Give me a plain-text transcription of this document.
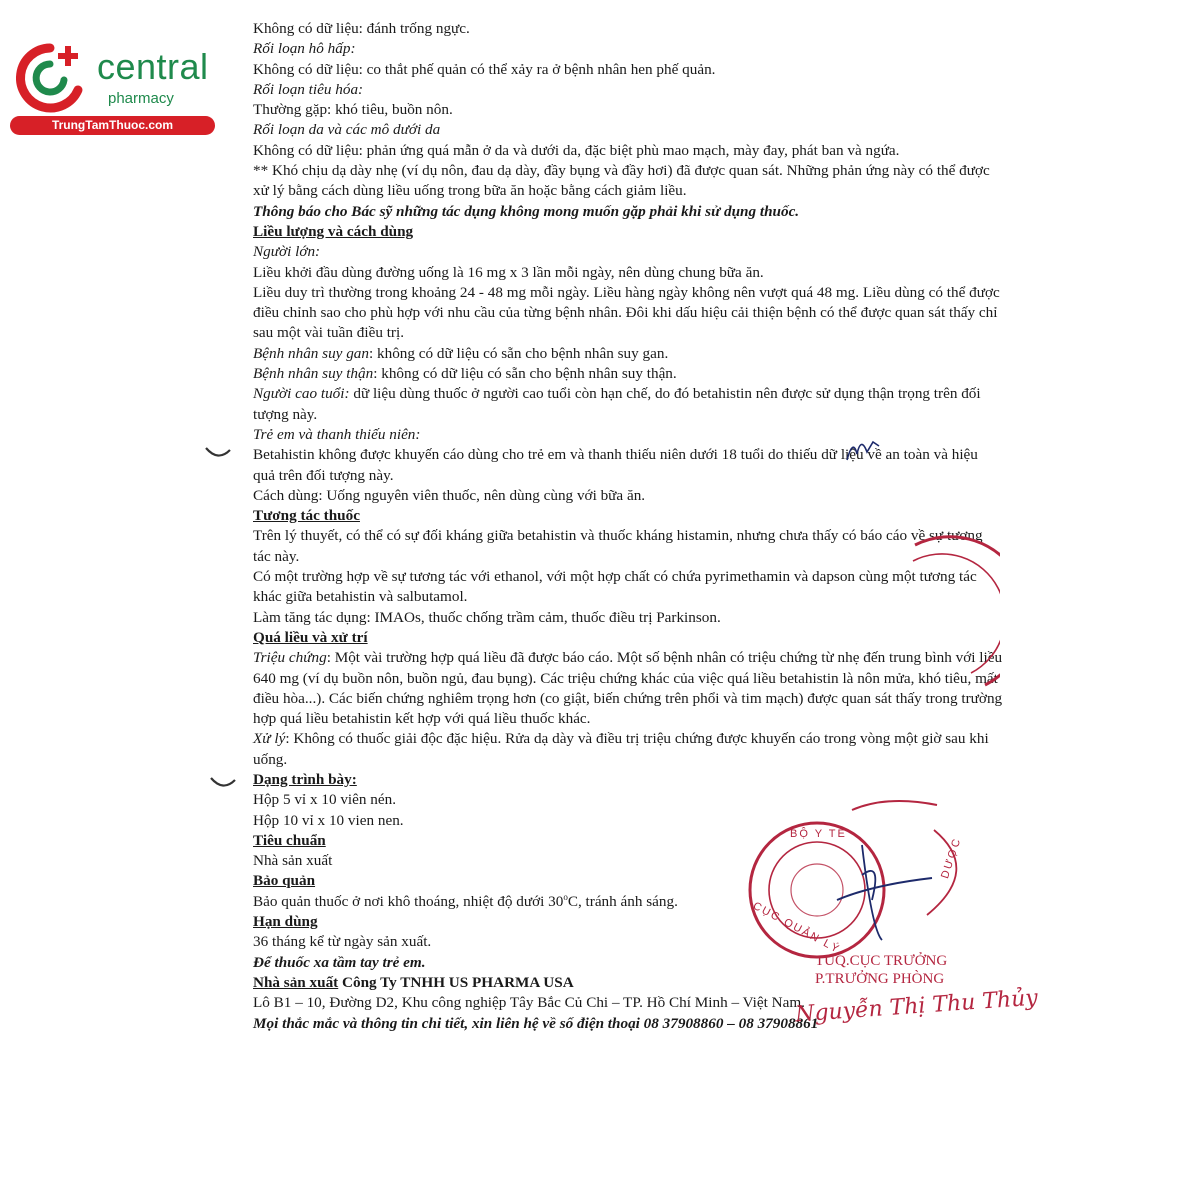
central
pharmacy
TrungTamThuoc.com

Không có dữ liệu: đánh trống ngực.

Rối loạn hô hấp:

Không có dữ liệu: co thắt phế quản có thể xảy ra ở bệnh nhân hen phế quản.

Rối loạn tiêu hóa:

Thường gặp: khó tiêu, buồn nôn.

Rối loạn da và các mô dưới da

Không có dữ liệu: phản ứng quá mẫn ở da và dưới da, đặc biệt phù mao mạch, mày đay, phát ban và ngứa.

** Khó chịu dạ dày nhẹ (ví dụ nôn, đau dạ dày, đầy bụng và đầy hơi) đã được quan sát. Những phản ứng này có thể được xử lý bằng cách dùng liều uống trong bữa ăn hoặc bằng cách giảm liều.

Thông báo cho Bác sỹ những tác dụng không mong muốn gặp phải khi sử dụng thuốc.

Liều lượng và cách dùng

Người lớn:

Liều khởi đầu dùng đường uống là 16 mg x 3 lần mỗi ngày, nên dùng chung bữa ăn.

Liều duy trì thường trong khoảng 24 - 48 mg mỗi ngày. Liều hàng ngày không nên vượt quá 48 mg. Liều dùng có thể được điều chỉnh sao cho phù hợp với nhu cầu của từng bệnh nhân. Đôi khi dấu hiệu cải thiện bệnh có thể được quan sát thấy chỉ sau một vài tuần điều trị.

Bệnh nhân suy gan: không có dữ liệu có sẵn cho bệnh nhân suy gan.

Bệnh nhân suy thận: không có dữ liệu có sẵn cho bệnh nhân suy thận.

Người cao tuổi: dữ liệu dùng thuốc ở người cao tuổi còn hạn chế, do đó betahistin nên được sử dụng thận trọng trên đối tượng này.

Trẻ em và thanh thiếu niên:

Betahistin không được khuyến cáo dùng cho trẻ em và thanh thiếu niên dưới 18 tuổi do thiếu dữ liệu về an toàn và hiệu quả trên đối tượng này.

Cách dùng: Uống nguyên viên thuốc, nên dùng cùng với bữa ăn.

Tương tác thuốc

Trên lý thuyết, có thể có sự đối kháng giữa betahistin và thuốc kháng histamin, nhưng chưa thấy có báo cáo về sự tương tác này.

Có một trường hợp về sự tương tác với ethanol, với một hợp chất có chứa pyrimethamin và dapson cùng một tương tác khác giữa betahistin và salbutamol.

Làm tăng tác dụng: IMAOs, thuốc chống trầm cảm, thuốc điều trị Parkinson.

Quá liều và xử trí

Triệu chứng: Một vài trường hợp quá liều đã được báo cáo. Một số bệnh nhân có triệu chứng từ nhẹ đến trung bình với liều 640 mg (ví dụ buồn nôn, buồn ngủ, đau bụng). Các triệu chứng khác của việc quá liều betahistin là nôn mửa, khó tiêu, mất điều hòa...). Các biến chứng nghiêm trọng hơn (co giật, biến chứng trên phổi và tim mạch) được quan sát thấy trong trường hợp quá liều betahistin kết hợp với quá liều thuốc khác.

Xử lý: Không có thuốc giải độc đặc hiệu. Rửa dạ dày và điều trị triệu chứng được khuyến cáo trong vòng một giờ sau khi uống.

Dạng trình bày:

Hộp 5 vỉ x 10 viên nén.

Hộp 10 vỉ x 10 vien nen.

Tiêu chuẩn

Nhà sản xuất

Bảo quản

Bảo quản thuốc ở nơi khô thoáng, nhiệt độ dưới 30$^o$C, tránh ánh sáng.

Hạn dùng

36 tháng kể từ ngày sản xuất.

Để thuốc xa tầm tay trẻ em.

Nhà sản xuất Công Ty TNHH US PHARMA USA

Lô B1 – 10, Đường D2, Khu công nghiệp Tây Bắc Củ Chi – TP. Hồ Chí Minh – Việt Nam.

Mọi thắc mắc và thông tin chi tiết, xin liên hệ về số điện thoại 08 37908860 – 08 37908861

BỘ Y TẾ
CỤC QUẢN LÝ
DƯỢC
TUQ.CỤC TRƯỞNG
P.TRƯỞNG PHÒNG
Nguyễn Thị Thu Thủy
